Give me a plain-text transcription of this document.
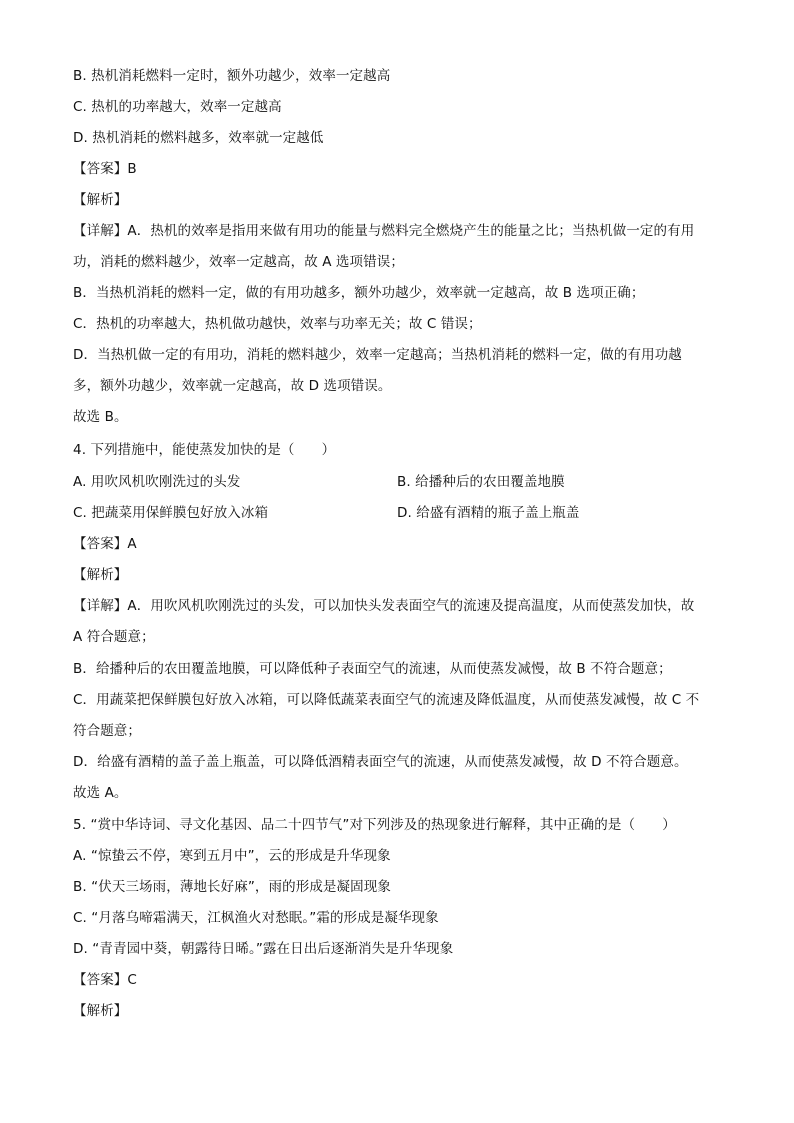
B. 热机消耗燃料一定时，额外功越少，效率一定越高
C. 热机的功率越大，效率一定越高
D. 热机消耗的燃料越多，效率就一定越低
【答案】B
【解析】
【详解】A．热机的效率是指用来做有用功的能量与燃料完全燃烧产生的能量之比；当热机做一定的有用
功，消耗的燃料越少，效率一定越高，故 A 选项错误；
B．当热机消耗的燃料一定，做的有用功越多，额外功越少，效率就一定越高，故 B 选项正确；
C．热机的功率越大，热机做功越快，效率与功率无关；故 C 错误；
D．当热机做一定的有用功，消耗的燃料越少，效率一定越高；当热机消耗的燃料一定，做的有用功越
多，额外功越少，效率就一定越高，故 D 选项错误。
故选 B。
4. 下列措施中，能使蒸发加快的是（　　）
A. 用吹风机吹刚洗过的头发	B. 给播种后的农田覆盖地膜
C. 把蔬菜用保鲜膜包好放入冰箱	D. 给盛有酒精的瓶子盖上瓶盖
【答案】A
【解析】
【详解】A．用吹风机吹刚洗过的头发，可以加快头发表面空气的流速及提高温度，从而使蒸发加快，故
A 符合题意；
B．给播种后的农田覆盖地膜，可以降低种子表面空气的流速，从而使蒸发减慢，故 B 不符合题意；
C．用蔬菜把保鲜膜包好放入冰箱，可以降低蔬菜表面空气的流速及降低温度，从而使蒸发减慢，故 C 不
符合题意；
D．给盛有酒精的盖子盖上瓶盖，可以降低酒精表面空气的流速，从而使蒸发减慢，故 D 不符合题意。
故选 A。
5. “赏中华诗词、寻文化基因、品二十四节气”对下列涉及的热现象进行解释，其中正确的是（　　）
A. “惊蛰云不停，寒到五月中”，云的形成是升华现象
B. “伏天三场雨，薄地长好麻”，雨的形成是凝固现象
C. “月落乌啼霜满天，江枫渔火对愁眠。”霜的形成是凝华现象
D. “青青园中葵，朝露待日晞。”露在日出后逐渐消失是升华现象
【答案】C
【解析】
